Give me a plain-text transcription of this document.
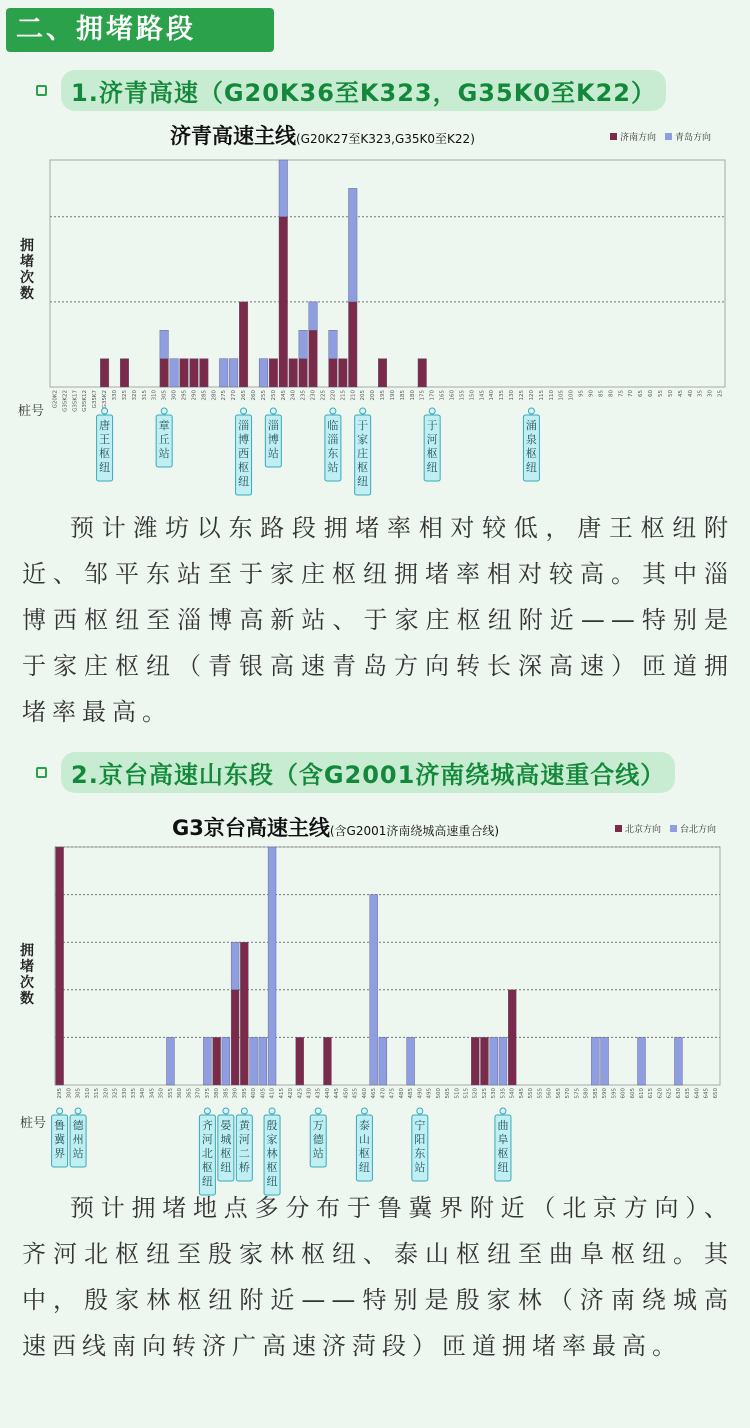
二、拥堵路段
1.济青高速（G20K36至K323，G35K0至K22）
济青高速主线(G20K27至K323,G35K0至K22)	济南方向 青岛方向
拥堵次数
桩号
G20K2 G35K22 G35K17 G35K12 G35K7 G35K2 330 325 320 315 310 305 300 295 290 285 280 275 270 265 260 255 250 245 240 235 230 225 220 215 210 205 200 195 190 185 180 175 170 165 160 155 150 145 140 135 130 125 120 115 110 105 100 95 90 85 80 75 70 65 60 55 50 45 40 35 30 25
唐王枢纽
章丘站
淄博西枢纽
淄博站
临淄东站
于家庄枢纽
于河枢纽
涌泉枢纽
预计潍坊以东路段拥堵率相对较低，唐王枢纽附近、邹平东站至于家庄枢纽拥堵率相对较高。其中淄博西枢纽至淄博高新站、于家庄枢纽附近——特别是于家庄枢纽（青银高速青岛方向转长深高速）匝道拥堵率最高。
2.京台高速山东段（含G2001济南绕城高速重合线）
G3京台高速主线(含G2001济南绕城高速重合线)	北京方向 台北方向
拥堵次数
桩号
295 300 305 310 315 320 325 330 335 340 345 350 355 360 365 370 375 380 385 390 395 400 405 410 415 420 425 430 435 440 445 450 455 460 465 470 475 480 485 490 495 500 505 510 515 520 525 530 535 540 545 550 555 560 565 570 575 580 585 590 595 600 605 610 615 620 625 630 635 640 645 650
鲁冀界
德州站
齐河北枢纽
晏城枢纽
黄河二桥
殷家林枢纽
万德站
泰山枢纽
宁阳东站
曲阜枢纽
预计拥堵地点多分布于鲁冀界附近（北京方向）、齐河北枢纽至殷家林枢纽、泰山枢纽至曲阜枢纽。其中，殷家林枢纽附近——特别是殷家林（济南绕城高速西线南向转济广高速济菏段）匝道拥堵率最高。
